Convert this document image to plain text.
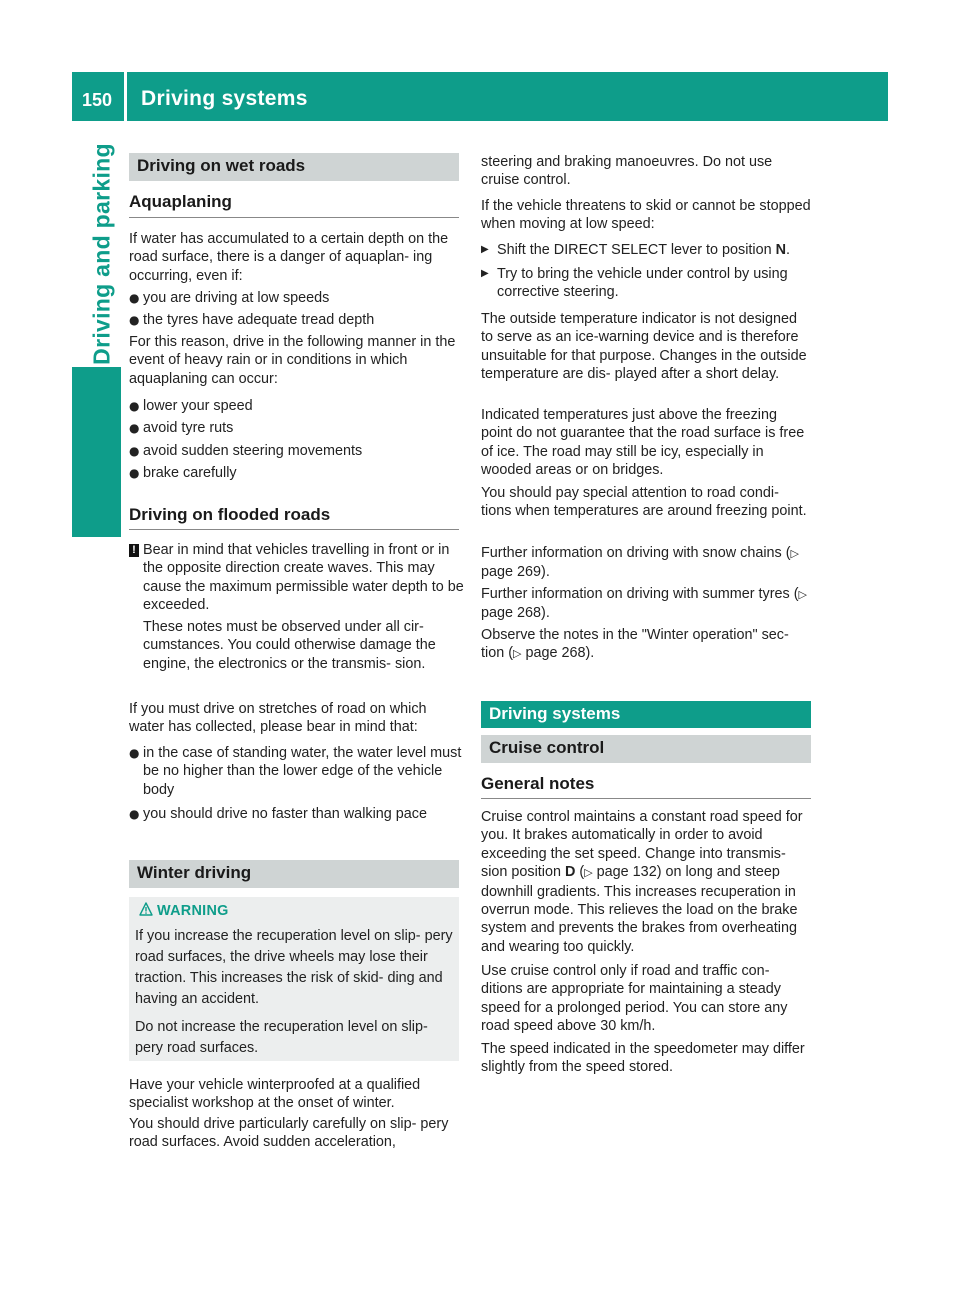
150 Driving systems
Driving and parking Driving on wet roads
Aquaplaning
If water has accumulated to a certain depth on the road surface, there is a danger of aquaplan- ing occurring, even if:
● you are driving at low speeds
● the tyres have adequate tread depth
For this reason, drive in the following manner in the event of heavy rain or in conditions in which aquaplaning can occur:
● lower your speed
● avoid tyre ruts
● avoid sudden steering movements
● brake carefully
Driving on flooded roads
! Bear in mind that vehicles travelling in front or in the opposite direction create waves. This may cause the maximum permissible water depth to be exceeded.
These notes must be observed under all cir- cumstances. You could otherwise damage the engine, the electronics or the transmis- sion.
If you must drive on stretches of road on which water has collected, please bear in mind that:
● in the case of standing water, the water level must be no higher than the lower edge of the vehicle body
● you should drive no faster than walking pace
Winter driving
WARNING
If you increase the recuperation level on slip- pery road surfaces, the drive wheels may lose their traction. This increases the risk of skid- ding and having an accident.
Do not increase the recuperation level on slip- pery road surfaces.
Have your vehicle winterproofed at a qualified specialist workshop at the onset of winter.
You should drive particularly carefully on slip- pery road surfaces. Avoid sudden acceleration,
steering and braking manoeuvres. Do not use cruise control.
If the vehicle threatens to skid or cannot be stopped when moving at low speed:
▶ Shift the DIRECT SELECT lever to position N.
▶ Try to bring the vehicle under control by using corrective steering.
The outside temperature indicator is not designed to serve as an ice-warning device and is therefore unsuitable for that purpose. Changes in the outside temperature are dis- played after a short delay.
Indicated temperatures just above the freezing point do not guarantee that the road surface is free of ice. The road may still be icy, especially in wooded areas or on bridges.
You should pay special attention to road condi- tions when temperatures are around freezing point.
Further information on driving with snow chains (▷ page 269).
Further information on driving with summer tyres (▷ page 268).
Observe the notes in the "Winter operation" sec- tion (▷ page 268).
Driving systems
Cruise control
General notes
Cruise control maintains a constant road speed for you. It brakes automatically in order to avoid exceeding the set speed. Change into transmis- sion position D (▷ page 132) on long and steep downhill gradients. This increases recuperation in overrun mode. This relieves the load on the brake system and prevents the brakes from overheating and wearing too quickly.
Use cruise control only if road and traffic con- ditions are appropriate for maintaining a steady speed for a prolonged period. You can store any road speed above 30 km/h.
The speed indicated in the speedometer may differ slightly from the speed stored.
